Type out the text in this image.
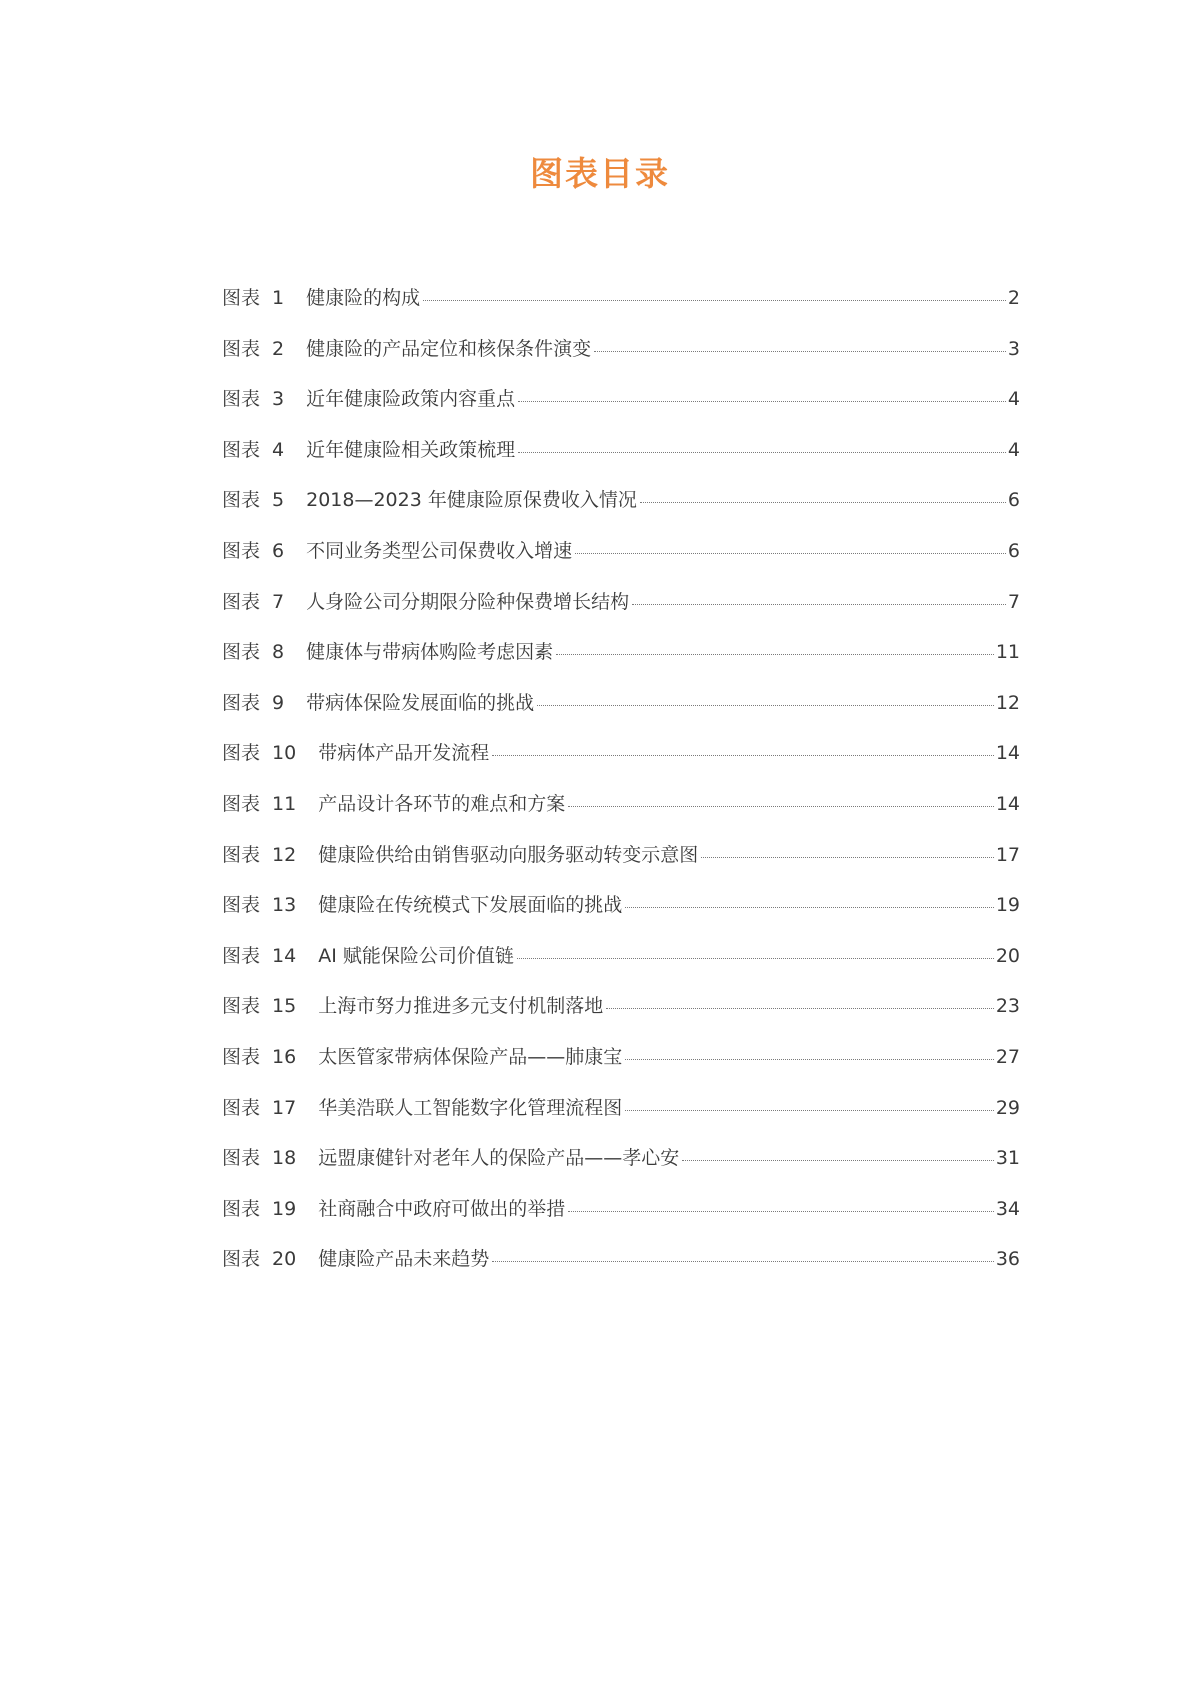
图表目录
图表 1 健康险的构成	2
图表 2 健康险的产品定位和核保条件演变	3
图表 3 近年健康险政策内容重点	4
图表 4 近年健康险相关政策梳理	4
图表 5 2018—2023 年健康险原保费收入情况	6
图表 6 不同业务类型公司保费收入增速	6
图表 7 人身险公司分期限分险种保费增长结构	7
图表 8 健康体与带病体购险考虑因素	11
图表 9 带病体保险发展面临的挑战	12
图表 10 带病体产品开发流程	14
图表 11 产品设计各环节的难点和方案	14
图表 12 健康险供给由销售驱动向服务驱动转变示意图	17
图表 13 健康险在传统模式下发展面临的挑战	19
图表 14 AI 赋能保险公司价值链	20
图表 15 上海市努力推进多元支付机制落地	23
图表 16 太医管家带病体保险产品——肺康宝	27
图表 17 华美浩联人工智能数字化管理流程图	29
图表 18 远盟康健针对老年人的保险产品——孝心安	31
图表 19 社商融合中政府可做出的举措	34
图表 20 健康险产品未来趋势	36
